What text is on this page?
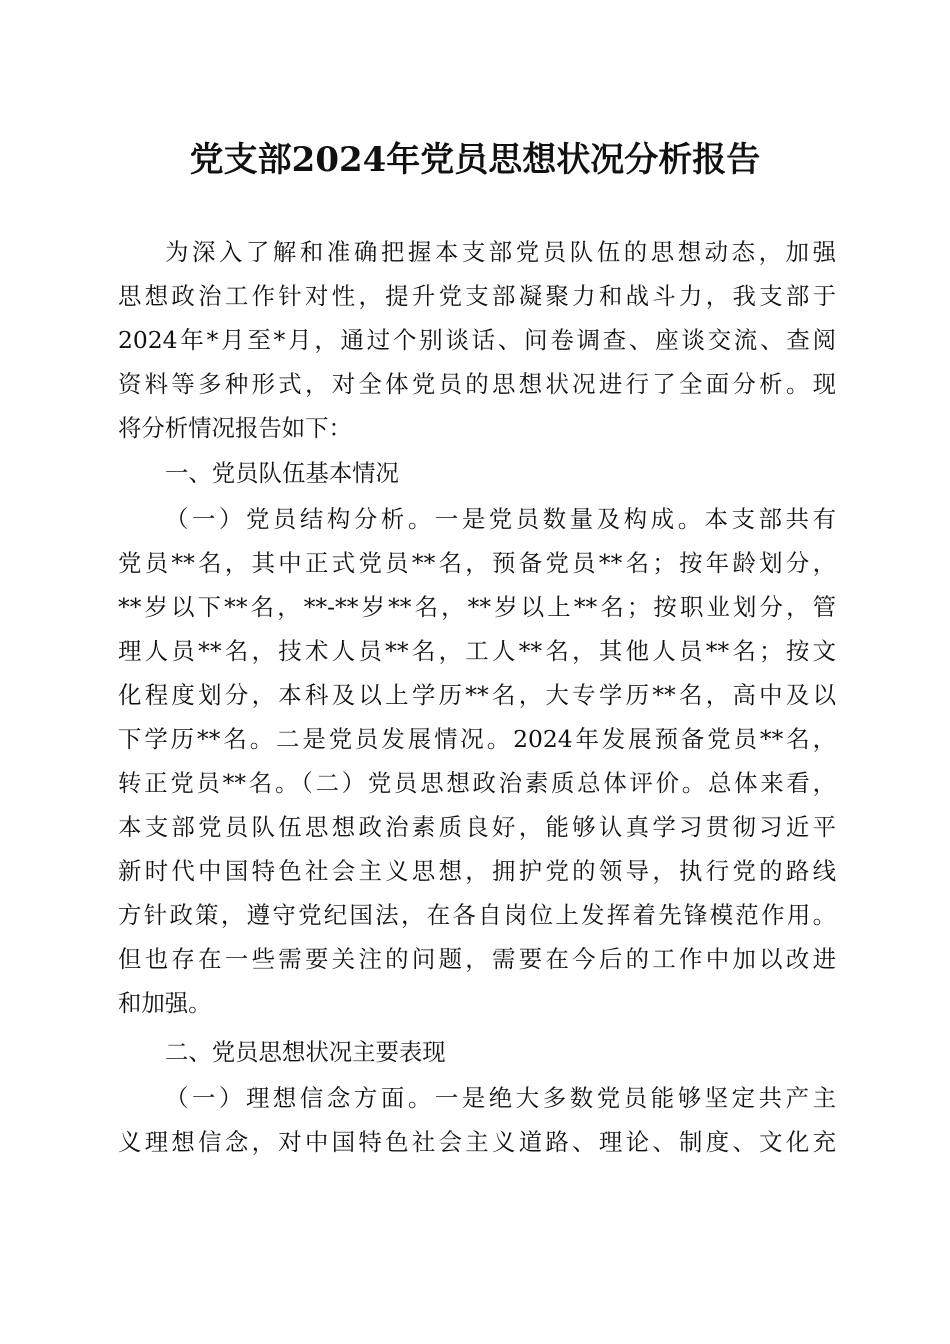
党支部2024年党员思想状况分析报告
为深入了解和准确把握本支部党员队伍的思想动态，加强
思想政治工作针对性，提升党支部凝聚力和战斗力，我支部于
2024年*月至*月，通过个别谈话、问卷调查、座谈交流、查阅
资料等多种形式，对全体党员的思想状况进行了全面分析。现
将分析情况报告如下：
一、党员队伍基本情况
（一）党员结构分析。一是党员数量及构成。本支部共有
党员**名，其中正式党员**名，预备党员**名；按年龄划分，
**岁以下**名，**-**岁**名，**岁以上**名；按职业划分，管
理人员**名，技术人员**名，工人**名，其他人员**名；按文
化程度划分，本科及以上学历**名，大专学历**名，高中及以
下学历**名。二是党员发展情况。2024年发展预备党员**名，
转正党员**名。（二）党员思想政治素质总体评价。总体来看，
本支部党员队伍思想政治素质良好，能够认真学习贯彻习近平
新时代中国特色社会主义思想，拥护党的领导，执行党的路线
方针政策，遵守党纪国法，在各自岗位上发挥着先锋模范作用。
但也存在一些需要关注的问题，需要在今后的工作中加以改进
和加强。
二、党员思想状况主要表现
（一）理想信念方面。一是绝大多数党员能够坚定共产主
义理想信念，对中国特色社会主义道路、理论、制度、文化充
